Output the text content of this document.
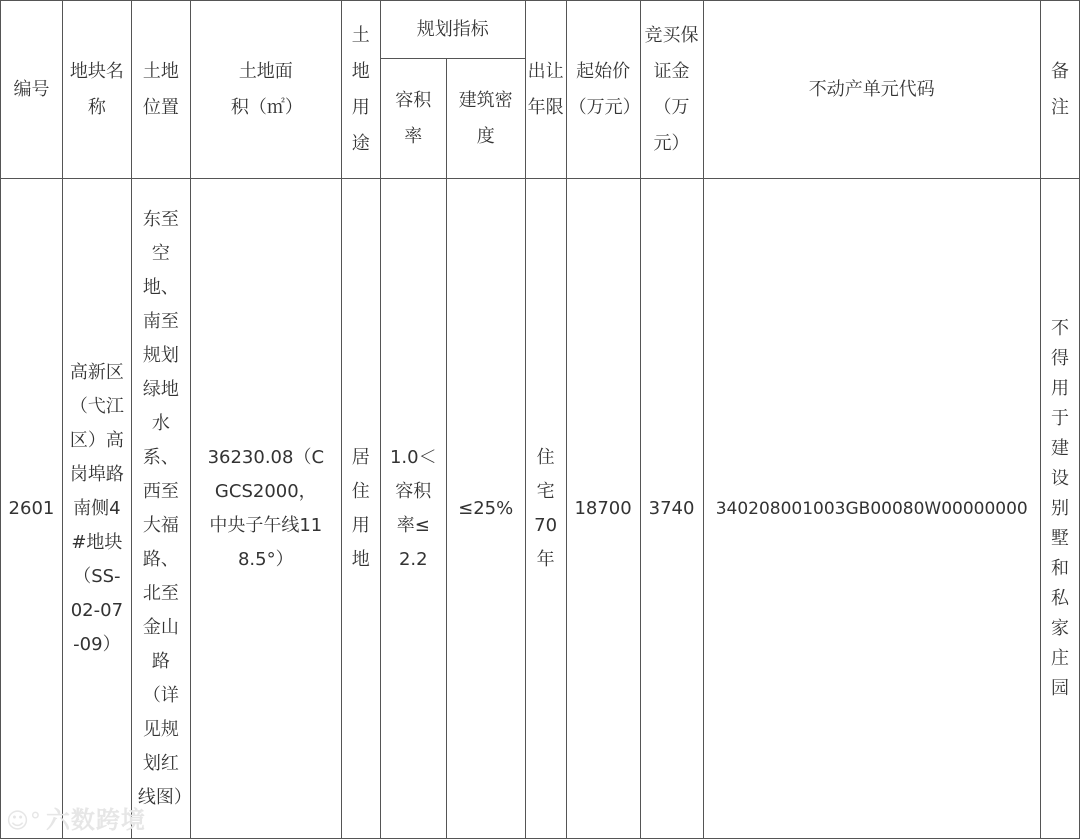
编号	地块名称	土地位置	土地面积（㎡）	土地用途	规划指标		出让年限	起始价（万元）	竞买保证金（万元）	不动产单元代码	备注
					容积率	建筑密度					
2601	高新区（弋江区）高岗埠路南侧4#地块（SS-02-07-09）	东至空地、南至规划绿地水系、西至大福路、北至金山路（详见规划红线图）	36230.08（CGCS2000，中央子午线118.5°）	居住用地	1.0＜容积率≤2.2	≤25%	住宅70年	18700	3740	340208001003GB00080W00000000	不得用于建设别墅和私家庄园
☺° 六数跨境
